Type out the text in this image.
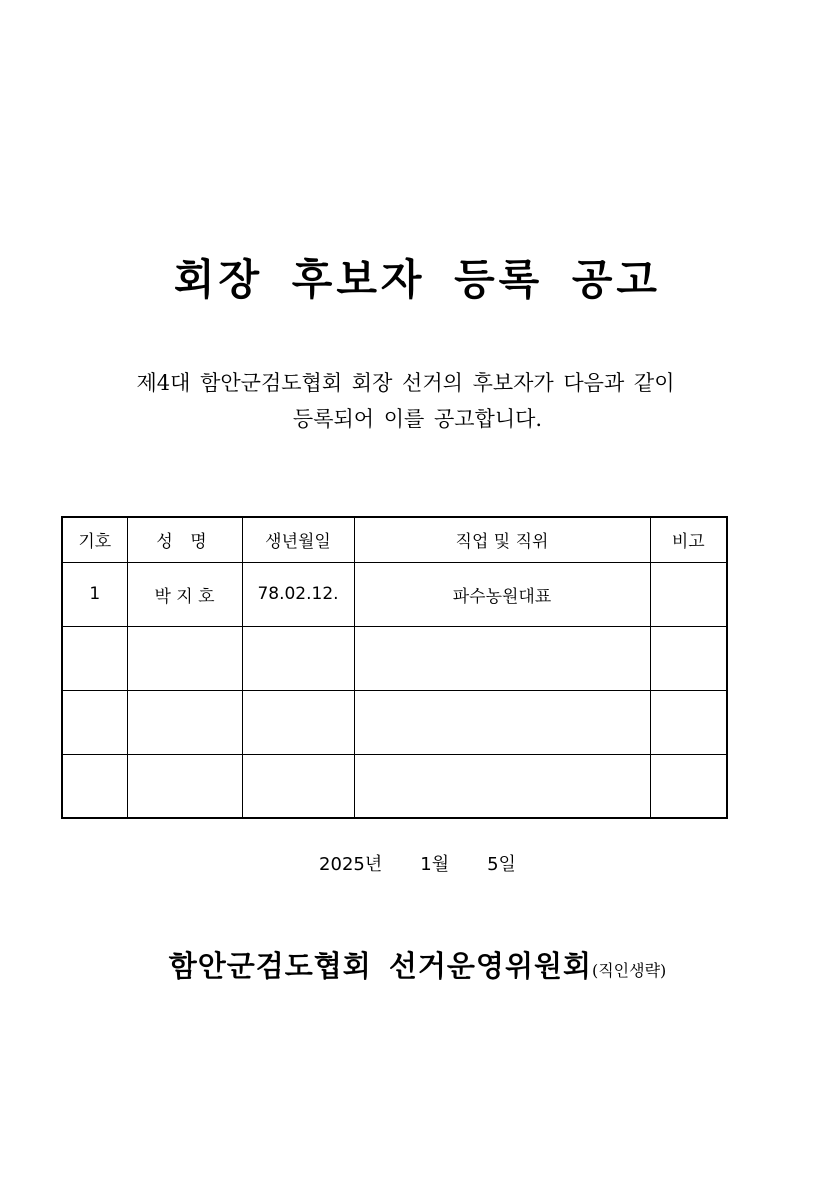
회장 후보자 등록 공고
제4대 함안군검도협회 회장 선거의 후보자가 다음과 같이
등록되어 이를 공고합니다.
기호	성 명	생년월일	직업 및 직위	비고
1	박 지 호	78.02.12.	파수농원대표	

2025년 1월 5일
함안군검도협회 선거운영위원회(직인생략)
